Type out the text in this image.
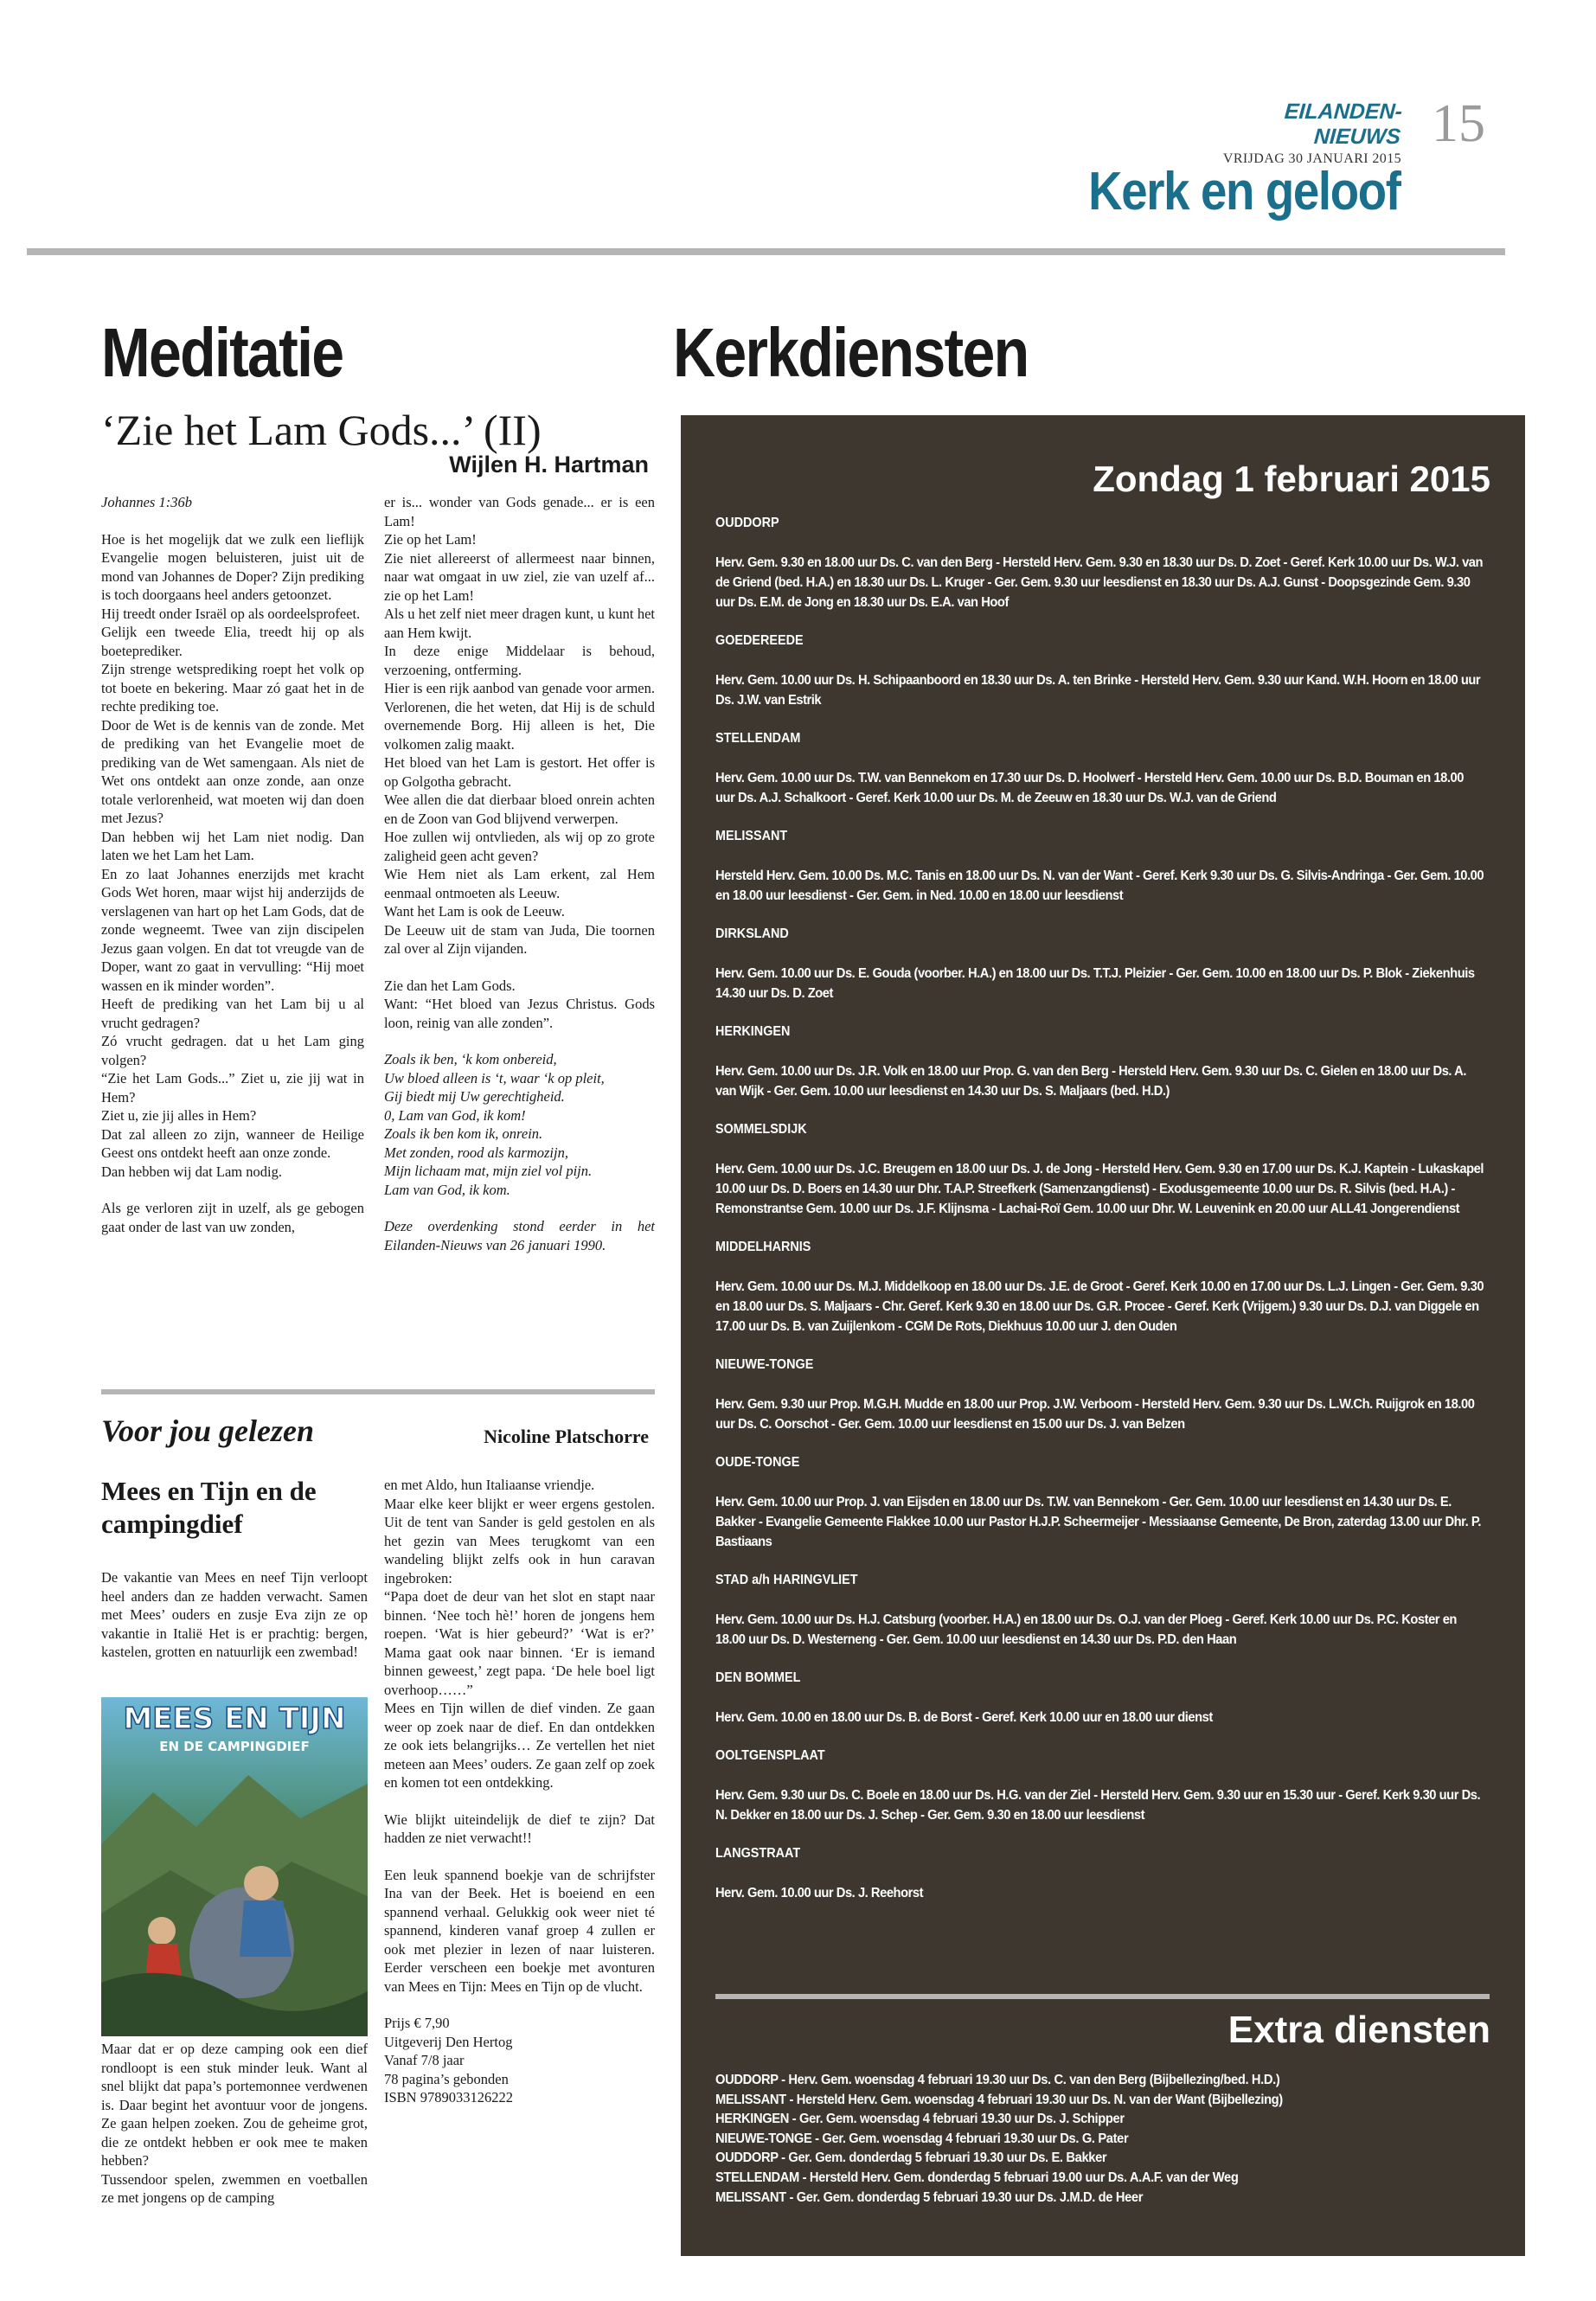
EILANDEN-NIEUWS
VRIJDAG 30 JANUARI 2015
15
Kerk en geloof
Meditatie
‘Zie het Lam Gods...’ (II)
Wijlen H. Hartman

Johannes 1:36b

Hoe is het mogelijk dat we zulk een lieflijk Evangelie mogen beluisteren, juist uit de mond van Johannes de Doper? Zijn prediking is toch doorgaans heel anders getoonzet.
Hij treedt onder Israël op als oordeelsprofeet.
Gelijk een tweede Elia, treedt hij op als boeteprediker.
Zijn strenge wetsprediking roept het volk op tot boete en bekering. Maar zó gaat het in de rechte prediking toe.
Door de Wet is de kennis van de zonde. Met de prediking van het Evangelie moet de prediking van de Wet samengaan. Als niet de Wet ons ontdekt aan onze zonde, aan onze totale verlorenheid, wat moeten wij dan doen met Jezus?
Dan hebben wij het Lam niet nodig. Dan laten we het Lam het Lam.
En zo laat Johannes enerzijds met kracht Gods Wet horen, maar wijst hij anderzijds de verslagenen van hart op het Lam Gods, dat de zonde wegneemt. Twee van zijn discipelen Jezus gaan volgen. En dat tot vreugde van de Doper, want zo gaat in vervulling: “Hij moet wassen en ik minder worden”.
Heeft de prediking van het Lam bij u al vrucht gedragen?
Zó vrucht gedragen. dat u het Lam ging volgen?
“Zie het Lam Gods...” Ziet u, zie jij wat in Hem?
Ziet u, zie jij alles in Hem?
Dat zal alleen zo zijn, wanneer de Heilige Geest ons ontdekt heeft aan onze zonde.
Dan hebben wij dat Lam nodig.

Als ge verloren zijt in uzelf, als ge gebogen gaat onder de last van uw zonden,

er is... wonder van Gods genade... er is een Lam!
Zie op het Lam!
Zie niet allereerst of allermeest naar binnen, naar wat omgaat in uw ziel, zie van uzelf af... zie op het Lam!
Als u het zelf niet meer dragen kunt, u kunt het aan Hem kwijt.
In deze enige Middelaar is behoud, verzoening, ontferming.
Hier is een rijk aanbod van genade voor armen. Verlorenen, die het weten, dat Hij is de schuld overnemende Borg. Hij alleen is het, Die volkomen zalig maakt.
Het bloed van het Lam is gestort. Het offer is op Golgotha gebracht.
Wee allen die dat dierbaar bloed onrein achten en de Zoon van God blijvend verwerpen.
Hoe zullen wij ontvlieden, als wij op zo grote zaligheid geen acht geven?
Wie Hem niet als Lam erkent, zal Hem eenmaal ontmoeten als Leeuw.
Want het Lam is ook de Leeuw.
De Leeuw uit de stam van Juda, Die toornen zal over al Zijn vijanden.

Zie dan het Lam Gods.
Want: “Het bloed van Jezus Christus. Gods loon, reinig van alle zonden”.

Zoals ik ben, ‘k kom onbereid,
Uw bloed alleen is ‘t, waar ‘k op pleit,
Gij biedt mij Uw gerechtigheid.
0, Lam van God, ik kom!
Zoals ik ben kom ik, onrein.
Met zonden, rood als karmozijn,
Mijn lichaam mat, mijn ziel vol pijn.
Lam van God, ik kom.

Deze overdenking stond eerder in het Eilanden-Nieuws van 26 januari 1990.

Voor jou gelezen	Nicoline Platschorre
Mees en Tijn en de campingdief

De vakantie van Mees en neef Tijn verloopt heel anders dan ze hadden verwacht. Samen met Mees’ ouders en zusje Eva zijn ze op vakantie in Italië Het is er prachtig: bergen, kastelen, grotten en natuurlijk een zwembad!

MEES EN TIJN
EN DE CAMPINGDIEF

Maar dat er op deze camping ook een dief rondloopt is een stuk minder leuk. Want al snel blijkt dat papa’s portemonnee verdwenen is. Daar begint het avontuur voor de jongens. Ze gaan helpen zoeken. Zou de geheime grot, die ze ontdekt hebben er ook mee te maken hebben?
Tussendoor spelen, zwemmen en voetballen ze met jongens op de camping

en met Aldo, hun Italiaanse vriendje.
Maar elke keer blijkt er weer ergens gestolen. Uit de tent van Sander is geld gestolen en als het gezin van Mees terugkomt van een wandeling blijkt zelfs ook in hun caravan ingebroken:
“Papa doet de deur van het slot en stapt naar binnen. ‘Nee toch hè!’ horen de jongens hem roepen. ‘Wat is hier gebeurd?’ ‘Wat is er?’ Mama gaat ook naar binnen. ‘Er is iemand binnen geweest,’ zegt papa. ‘De hele boel ligt overhoop……”
Mees en Tijn willen de dief vinden. Ze gaan weer op zoek naar de dief. En dan ontdekken ze ook iets belangrijks… Ze vertellen het niet meteen aan Mees’ ouders. Ze gaan zelf op zoek en komen tot een ontdekking.

Wie blijkt uiteindelijk de dief te zijn? Dat hadden ze niet verwacht!!

Een leuk spannend boekje van de schrijfster Ina van der Beek. Het is boeiend en een spannend verhaal. Gelukkig ook weer niet té spannend, kinderen vanaf groep 4 zullen er ook met plezier in lezen of naar luisteren. Eerder verscheen een boekje met avonturen van Mees en Tijn: Mees en Tijn op de vlucht.

Prijs € 7,90
Uitgeverij Den Hertog
Vanaf 7/8 jaar
78 pagina’s gebonden
ISBN 9789033126222

Kerkdiensten
Zondag 1 februari 2015
OUDDORP
Herv. Gem. 9.30 en 18.00 uur Ds. C. van den Berg - Hersteld Herv. Gem. 9.30 en 18.30 uur Ds. D. Zoet - Geref. Kerk 10.00 uur Ds. W.J. van de Griend (bed. H.A.) en 18.30 uur Ds. L. Kruger - Ger. Gem. 9.30 uur leesdienst en 18.30 uur Ds. A.J. Gunst - Doopsgezinde Gem. 9.30 uur Ds. E.M. de Jong en 18.30 uur Ds. E.A. van Hoof
GOEDEREEDE
Herv. Gem. 10.00 uur Ds. H. Schipaanboord en 18.30 uur Ds. A. ten Brinke - Hersteld Herv. Gem. 9.30 uur Kand. W.H. Hoorn en 18.00 uur Ds. J.W. van Estrik
STELLENDAM
Herv. Gem. 10.00 uur Ds. T.W. van Bennekom en 17.30 uur Ds. D. Hoolwerf - Hersteld Herv. Gem. 10.00 uur Ds. B.D. Bouman en 18.00 uur Ds. A.J. Schalkoort - Geref. Kerk 10.00 uur Ds. M. de Zeeuw en 18.30 uur Ds. W.J. van de Griend
MELISSANT
Hersteld Herv. Gem. 10.00 Ds. M.C. Tanis en 18.00 uur Ds. N. van der Want - Geref. Kerk 9.30 uur Ds. G. Silvis-Andringa - Ger. Gem. 10.00 en 18.00 uur leesdienst - Ger. Gem. in Ned. 10.00 en 18.00 uur leesdienst
DIRKSLAND
Herv. Gem. 10.00 uur Ds. E. Gouda (voorber. H.A.) en 18.00 uur Ds. T.T.J. Pleizier - Ger. Gem. 10.00 en 18.00 uur Ds. P. Blok - Ziekenhuis 14.30 uur Ds. D. Zoet
HERKINGEN
Herv. Gem. 10.00 uur Ds. J.R. Volk en 18.00 uur Prop. G. van den Berg - Hersteld Herv. Gem. 9.30 uur Ds. C. Gielen en 18.00 uur Ds. A. van Wijk - Ger. Gem. 10.00 uur leesdienst en 14.30 uur Ds. S. Maljaars (bed. H.D.)
SOMMELSDIJK
Herv. Gem. 10.00 uur Ds. J.C. Breugem en 18.00 uur Ds. J. de Jong - Hersteld Herv. Gem. 9.30 en 17.00 uur Ds. K.J. Kaptein - Lukaskapel 10.00 uur Ds. D. Boers en 14.30 uur Dhr. T.A.P. Streefkerk (Samenzangdienst) - Exodusgemeente 10.00 uur Ds. R. Silvis (bed. H.A.) - Remonstrantse Gem. 10.00 uur Ds. J.F. Klijnsma - Lachai-Roï Gem. 10.00 uur Dhr. W. Leuvenink en 20.00 uur ALL41 Jongerendienst
MIDDELHARNIS
Herv. Gem. 10.00 uur Ds. M.J. Middelkoop en 18.00 uur Ds. J.E. de Groot - Geref. Kerk 10.00 en 17.00 uur Ds. L.J. Lingen - Ger. Gem. 9.30 en 18.00 uur Ds. S. Maljaars - Chr. Geref. Kerk 9.30 en 18.00 uur Ds. G.R. Procee - Geref. Kerk (Vrijgem.) 9.30 uur Ds. D.J. van Diggele en 17.00 uur Ds. B. van Zuijlenkom - CGM De Rots, Diekhuus 10.00 uur J. den Ouden
NIEUWE-TONGE
Herv. Gem. 9.30 uur Prop. M.G.H. Mudde en 18.00 uur Prop. J.W. Verboom - Hersteld Herv. Gem. 9.30 uur Ds. L.W.Ch. Ruijgrok en 18.00 uur Ds. C. Oorschot - Ger. Gem. 10.00 uur leesdienst en 15.00 uur Ds. J. van Belzen
OUDE-TONGE
Herv. Gem. 10.00 uur Prop. J. van Eijsden en 18.00 uur Ds. T.W. van Bennekom - Ger. Gem. 10.00 uur leesdienst en 14.30 uur Ds. E. Bakker - Evangelie Gemeente Flakkee 10.00 uur Pastor H.J.P. Scheermeijer - Messiaanse Gemeente, De Bron, zaterdag 13.00 uur Dhr. P. Bastiaans
STAD a/h HARINGVLIET
Herv. Gem. 10.00 uur Ds. H.J. Catsburg (voorber. H.A.) en 18.00 uur Ds. O.J. van der Ploeg - Geref. Kerk 10.00 uur Ds. P.C. Koster en 18.00 uur Ds. D. Westerneng - Ger. Gem. 10.00 uur leesdienst en 14.30 uur Ds. P.D. den Haan
DEN BOMMEL
Herv. Gem. 10.00 en 18.00 uur Ds. B. de Borst - Geref. Kerk 10.00 uur en 18.00 uur dienst
OOLTGENSPLAAT
Herv. Gem. 9.30 uur Ds. C. Boele en 18.00 uur Ds. H.G. van der Ziel - Hersteld Herv. Gem. 9.30 uur en 15.30 uur - Geref. Kerk 9.30 uur Ds. N. Dekker en 18.00 uur Ds. J. Schep - Ger. Gem. 9.30 en 18.00 uur leesdienst
LANGSTRAAT
Herv. Gem. 10.00 uur Ds. J. Reehorst
Extra diensten
OUDDORP - Herv. Gem. woensdag 4 februari 19.30 uur Ds. C. van den Berg (Bijbellezing/bed. H.D.)
MELISSANT - Hersteld Herv. Gem. woensdag 4 februari 19.30 uur Ds. N. van der Want (Bijbellezing)
HERKINGEN - Ger. Gem. woensdag 4 februari 19.30 uur Ds. J. Schipper
NIEUWE-TONGE - Ger. Gem. woensdag 4 februari 19.30 uur Ds. G. Pater
OUDDORP - Ger. Gem. donderdag 5 februari 19.30 uur Ds. E. Bakker
STELLENDAM - Hersteld Herv. Gem. donderdag 5 februari 19.00 uur Ds. A.A.F. van der Weg
MELISSANT - Ger. Gem. donderdag 5 februari 19.30 uur Ds. J.M.D. de Heer
